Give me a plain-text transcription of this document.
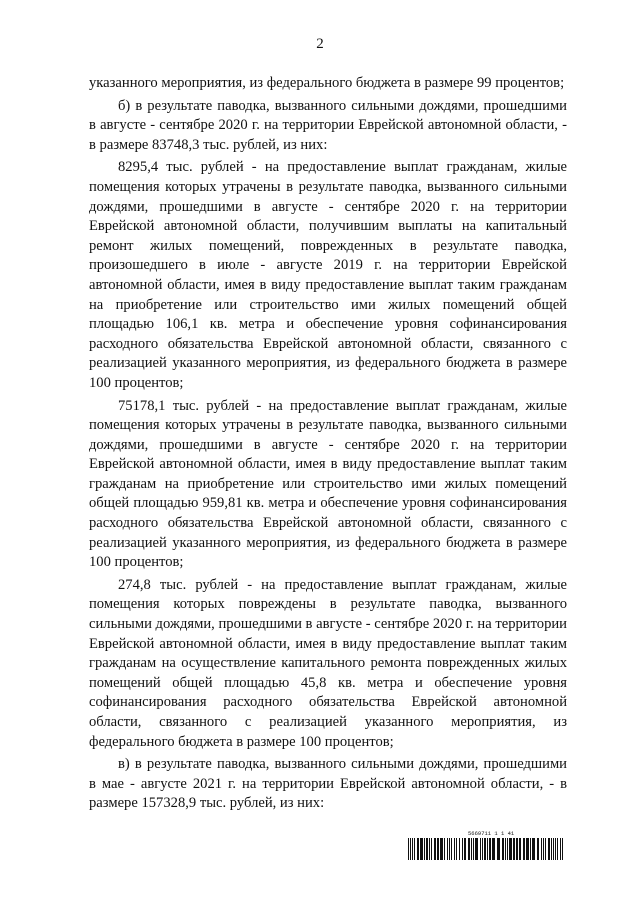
2

указанного мероприятия, из федерального бюджета в размере 99 процентов;

б) в результате паводка, вызванного сильными дождями, прошедшими в августе - сентябре 2020 г. на территории Еврейской автономной области, - в размере 83748,3 тыс. рублей, из них:

8295,4 тыс. рублей - на предоставление выплат гражданам, жилые помещения которых утрачены в результате паводка, вызванного сильными дождями, прошедшими в августе - сентябре 2020 г. на территории Еврейской автономной области, получившим выплаты на капитальный ремонт жилых помещений, поврежденных в результате паводка, произошедшего в июле - августе 2019 г. на территории Еврейской автономной области, имея в виду предоставление выплат таким гражданам на приобретение или строительство ими жилых помещений общей площадью 106,1 кв. метра и обеспечение уровня софинансирования расходного обязательства Еврейской автономной области, связанного с реализацией указанного мероприятия, из федерального бюджета в размере 100 процентов;

75178,1 тыс. рублей - на предоставление выплат гражданам, жилые помещения которых утрачены в результате паводка, вызванного сильными дождями, прошедшими в августе - сентябре 2020 г. на территории Еврейской автономной области, имея в виду предоставление выплат таким гражданам на приобретение или строительство ими жилых помещений общей площадью 959,81 кв. метра и обеспечение уровня софинансирования расходного обязательства Еврейской автономной области, связанного с реализацией указанного мероприятия, из федерального бюджета в размере 100 процентов;

274,8 тыс. рублей - на предоставление выплат гражданам, жилые помещения которых повреждены в результате паводка, вызванного сильными дождями, прошедшими в августе - сентябре 2020 г. на территории Еврейской автономной области, имея в виду предоставление выплат таким гражданам на осуществление капитального ремонта поврежденных жилых помещений общей площадью 45,8 кв. метра и обеспечение уровня софинансирования расходного обязательства Еврейской автономной области, связанного с реализацией указанного мероприятия, из федерального бюджета в размере 100 процентов;

в) в результате паводка, вызванного сильными дождями, прошедшими в мае - августе 2021 г. на территории Еврейской автономной области, - в размере 157328,9 тыс. рублей, из них:

5669711 1 1 41
